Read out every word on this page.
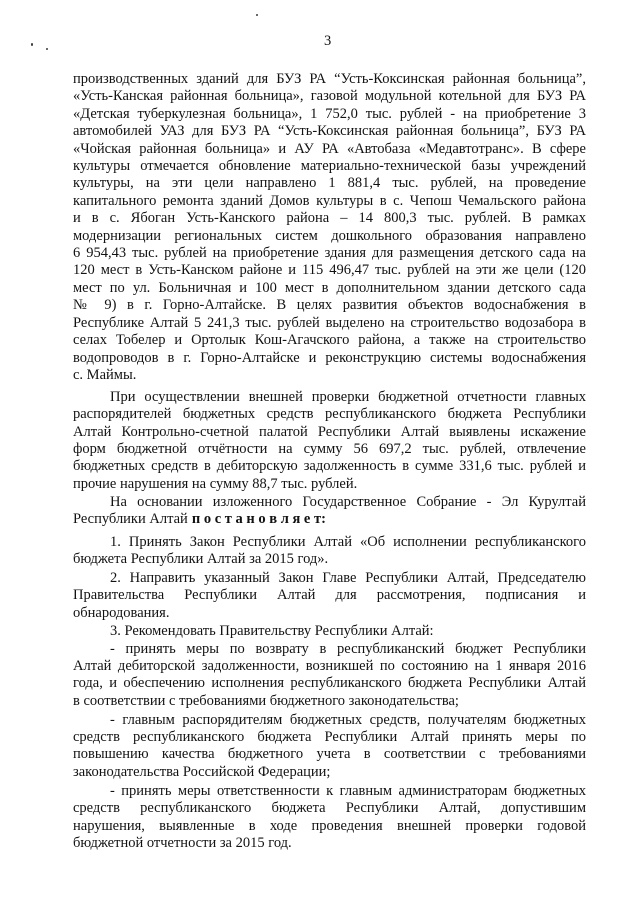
3
производственных зданий для БУЗ РА “Усть-Коксинская районная больница”,
«Усть-Канская районная больница», газовой модульной котельной для БУЗ РА
«Детская туберкулезная больница», 1 752,0 тыс. рублей - на приобретение 3
автомобилей УАЗ для БУЗ РА “Усть-Коксинская районная больница”, БУЗ РА
«Чойская районная больница» и АУ РА «Автобаза «Медавтотранс». В сфере
культуры отмечается обновление материально-технической базы учреждений
культуры, на эти цели направлено 1 881,4 тыс. рублей, на проведение
капитального ремонта зданий Домов культуры в с. Чепош Чемальского района
и в с. Ябоган Усть-Канского района – 14 800,3 тыс. рублей. В рамках
модернизации региональных систем дошкольного образования направлено
6 954,43 тыс. рублей на приобретение здания для размещения детского сада на
120 мест в Усть-Канском районе и 115 496,47 тыс. рублей на эти же цели (120
мест по ул. Больничная и 100 мест в дополнительном здании детского сада
№ 9) в г. Горно-Алтайске. В целях развития объектов водоснабжения в
Республике Алтай 5 241,3 тыс. рублей выделено на строительство водозабора в
селах Тобелер и Ортолык Кош-Агачского района, а также на строительство
водопроводов в г. Горно-Алтайске и реконструкцию системы водоснабжения
с. Маймы.
При осуществлении внешней проверки бюджетной отчетности главных
распорядителей бюджетных средств республиканского бюджета Республики
Алтай Контрольно-счетной палатой Республики Алтай выявлены искажение
форм бюджетной отчётности на сумму 56 697,2 тыс. рублей, отвлечение
бюджетных средств в дебиторскую задолженность в сумме 331,6 тыс. рублей и
прочие нарушения на сумму 88,7 тыс. рублей.
На основании изложенного Государственное Собрание - Эл Курултай
Республики Алтай п о с т а н о в л я е т:
1. Принять Закон Республики Алтай «Об исполнении республиканского
бюджета Республики Алтай за 2015 год».
2. Направить указанный Закон Главе Республики Алтай, Председателю
Правительства Республики Алтай для рассмотрения, подписания и
обнародования.
3. Рекомендовать Правительству Республики Алтай:
- принять меры по возврату в республиканский бюджет Республики
Алтай дебиторской задолженности, возникшей по состоянию на 1 января 2016
года, и обеспечению исполнения республиканского бюджета Республики Алтай
в соответствии с требованиями бюджетного законодательства;
- главным распорядителям бюджетных средств, получателям бюджетных
средств республиканского бюджета Республики Алтай принять меры по
повышению качества бюджетного учета в соответствии с требованиями
законодательства Российской Федерации;
- принять меры ответственности к главным администраторам бюджетных
средств республиканского бюджета Республики Алтай, допустившим
нарушения, выявленные в ходе проведения внешней проверки годовой
бюджетной отчетности за 2015 год.
